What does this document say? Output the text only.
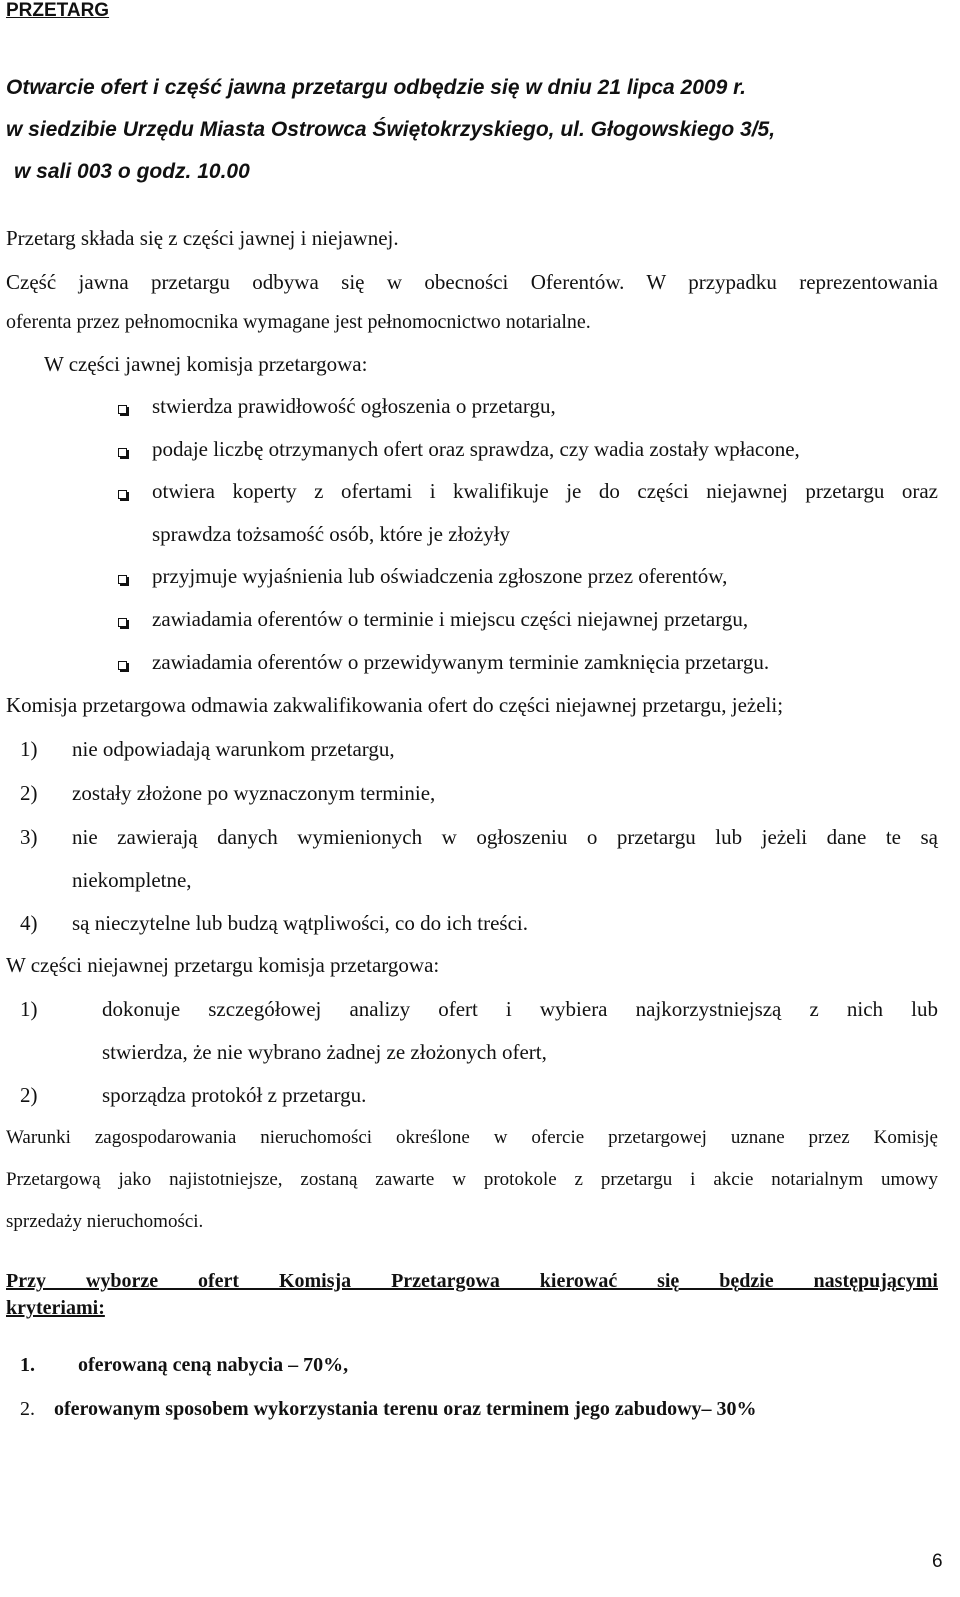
PRZETARG
Otwarcie ofert i część jawna przetargu odbędzie się w dniu 21 lipca 2009 r.
w siedzibie Urzędu Miasta Ostrowca Świętokrzyskiego, ul. Głogowskiego 3/5,
w sali 003 o godz. 10.00
Przetarg składa się z części jawnej i niejawnej.
Część jawna przetargu odbywa się w obecności Oferentów. W przypadku reprezentowania
oferenta przez pełnomocnika wymagane jest pełnomocnictwo notarialne.
W części jawnej komisja przetargowa:
stwierdza prawidłowość ogłoszenia o przetargu,
podaje liczbę otrzymanych ofert oraz sprawdza, czy wadia zostały wpłacone,
otwiera koperty z ofertami i kwalifikuje je do części niejawnej przetargu oraz
sprawdza tożsamość osób, które je złożyły
przyjmuje wyjaśnienia lub oświadczenia zgłoszone przez oferentów,
zawiadamia oferentów o terminie i miejscu części niejawnej przetargu,
zawiadamia oferentów o przewidywanym terminie zamknięcia przetargu.
Komisja przetargowa odmawia zakwalifikowania ofert do części niejawnej przetargu, jeżeli;
1) nie odpowiadają warunkom przetargu,
2) zostały złożone po wyznaczonym terminie,
3) nie zawierają danych wymienionych w ogłoszeniu o przetargu lub jeżeli dane te są
niekompletne,
4) są nieczytelne lub budzą wątpliwości, co do ich treści.
W części niejawnej przetargu komisja przetargowa:
1)	dokonuje szczegółowej analizy ofert i wybiera najkorzystniejszą z nich lub
stwierdza, że nie wybrano żadnej ze złożonych ofert,
2)	sporządza protokół z przetargu.
Warunki zagospodarowania nieruchomości określone w ofercie przetargowej uznane przez Komisję
Przetargową jako najistotniejsze, zostaną zawarte w protokole z przetargu i akcie notarialnym umowy
sprzedaży nieruchomości.
Przy wyborze ofert Komisja Przetargowa kierować się będzie następującymi
kryteriami:
1. oferowaną ceną nabycia – 70%,
2. oferowanym sposobem wykorzystania terenu oraz terminem jego zabudowy– 30%
6
